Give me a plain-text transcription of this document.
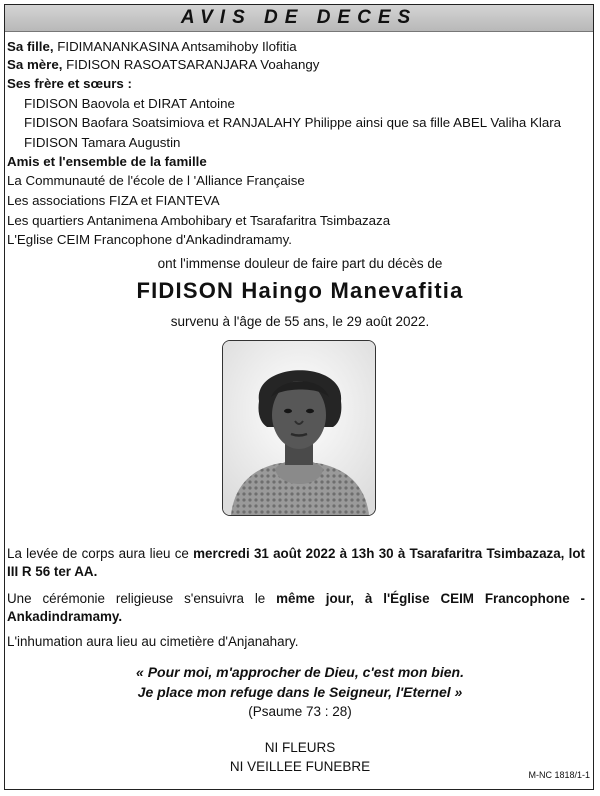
AVIS DE DECES
Sa fille, FIDIMANANKASINA Antsamihoby Ilofitia
Sa mère, FIDISON RASOATSARANJARA Voahangy
Ses frère et sœurs :
FIDISON Baovola et DIRAT Antoine
FIDISON Baofara Soatsimiova et RANJALAHY Philippe ainsi que sa fille ABEL Valiha Klara
FIDISON Tamara Augustin
Amis et l'ensemble de la famille
La Communauté de l'école de l 'Alliance Française
Les associations FIZA et FIANTEVA
Les quartiers Antanimena Ambohibary et Tsarafaritra Tsimbazaza
L'Eglise CEIM Francophone d'Ankadindramamy.
ont l'immense douleur de faire part du décès de
FIDISON Haingo Manevafitia
survenu à l'âge de 55 ans, le 29 août 2022.
La levée de corps aura lieu ce mercredi 31 août 2022 à 13h 30 à Tsarafaritra Tsimbazaza, lot III R 56 ter AA.
Une cérémonie religieuse s'ensuivra le même jour, à l'Église CEIM Francophone - Ankadindramamy.
L'inhumation aura lieu au cimetière d'Anjanahary.
« Pour moi, m'approcher de Dieu, c'est mon bien.
Je place mon refuge dans le Seigneur, l'Eternel »
(Psaume 73 : 28)
NI FLEURS
NI VEILLEE FUNEBRE
M-NC 1818/1-1
